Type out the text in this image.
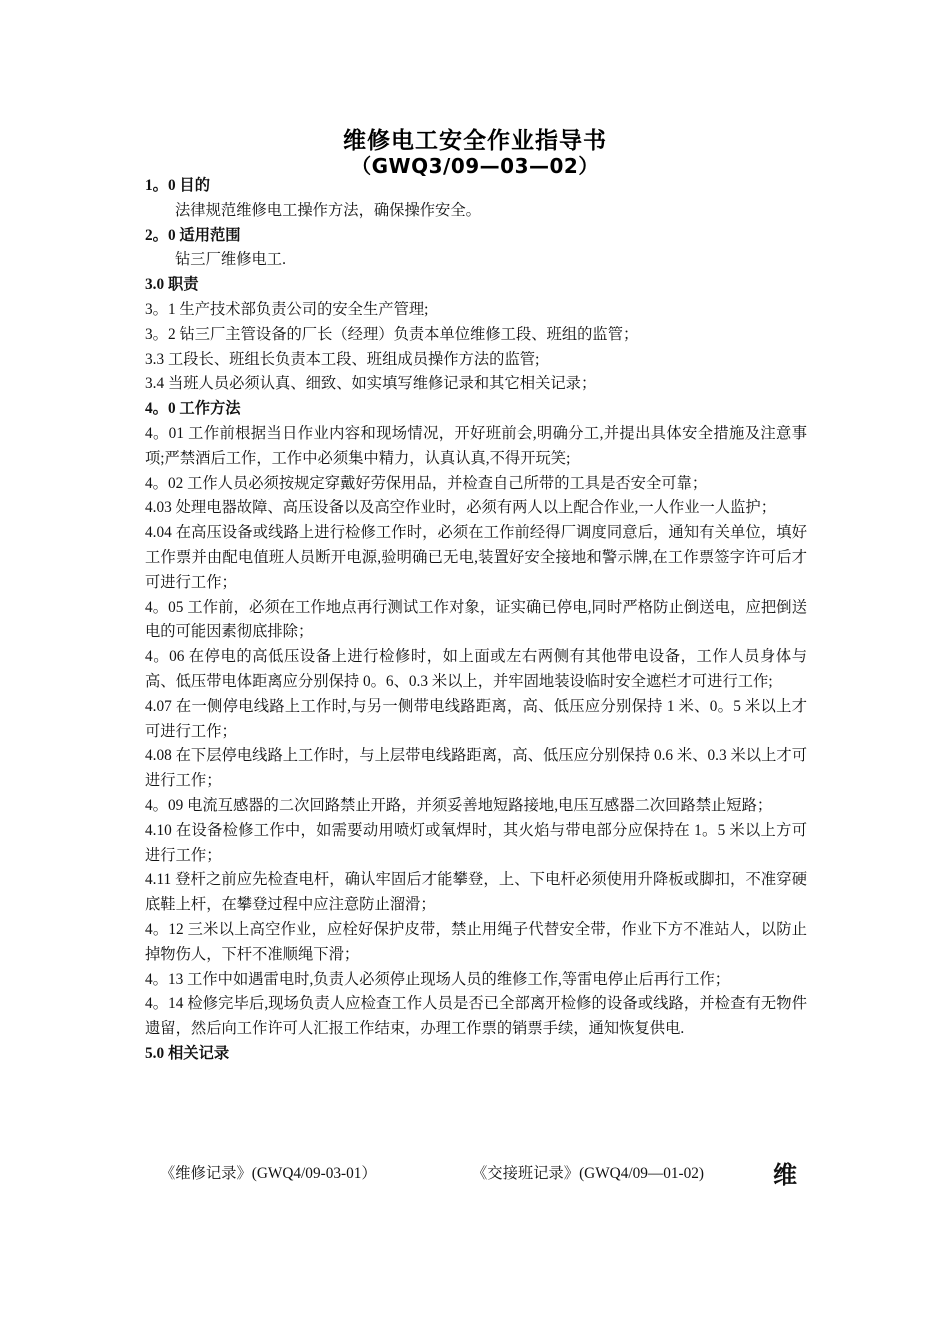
维修电工安全作业指导书
（GWQ3/09—03—02）
1。0 目的
法律规范维修电工操作方法，确保操作安全。
2。0 适用范围
钻三厂维修电工.
3.0 职责
3。1 生产技术部负责公司的安全生产管理;
3。2 钻三厂主管设备的厂长（经理）负责本单位维修工段、班组的监管；
3.3 工段长、班组长负责本工段、班组成员操作方法的监管;
3.4 当班人员必须认真、细致、如实填写维修记录和其它相关记录；
4。0 工作方法
4。01 工作前根据当日作业内容和现场情况，开好班前会,明确分工,并提出具体安全措施及注意事项;严禁酒后工作，工作中必须集中精力，认真认真,不得开玩笑;
4。02 工作人员必须按规定穿戴好劳保用品，并检查自己所带的工具是否安全可靠；
4.03 处理电器故障、高压设备以及高空作业时，必须有两人以上配合作业,一人作业一人监护；
4.04 在高压设备或线路上进行检修工作时，必须在工作前经得厂调度同意后，通知有关单位，填好工作票并由配电值班人员断开电源,验明确已无电,装置好安全接地和警示牌,在工作票签字许可后才可进行工作；
4。05 工作前，必须在工作地点再行测试工作对象，证实确已停电,同时严格防止倒送电，应把倒送电的可能因素彻底排除；
4。06 在停电的高低压设备上进行检修时，如上面或左右两侧有其他带电设备，工作人员身体与高、低压带电体距离应分别保持 0。6、0.3 米以上，并牢固地装设临时安全遮栏才可进行工作;
4.07 在一侧停电线路上工作时,与另一侧带电线路距离，高、低压应分别保持 1 米、0。5 米以上才可进行工作；
4.08 在下层停电线路上工作时，与上层带电线路距离，高、低压应分别保持 0.6 米、0.3 米以上才可进行工作；
4。09 电流互感器的二次回路禁止开路，并须妥善地短路接地,电压互感器二次回路禁止短路；
4.10 在设备检修工作中，如需要动用喷灯或氧焊时，其火焰与带电部分应保持在 1。5 米以上方可进行工作；
4.11 登杆之前应先检查电杆，确认牢固后才能攀登，上、下电杆必须使用升降板或脚扣，不准穿硬底鞋上杆，在攀登过程中应注意防止溜滑；
4。12 三米以上高空作业，应栓好保护皮带，禁止用绳子代替安全带，作业下方不准站人，以防止掉物伤人，下杆不准顺绳下滑；
4。13 工作中如遇雷电时,负责人必须停止现场人员的维修工作,等雷电停止后再行工作；
4。14 检修完毕后,现场负责人应检查工作人员是否已全部离开检修的设备或线路，并检查有无物件遗留，然后向工作许可人汇报工作结束，办理工作票的销票手续，通知恢复供电.
5.0 相关记录
《维修记录》(GWQ4/09-03-01）	《交接班记录》(GWQ4/09—01-02)	维
